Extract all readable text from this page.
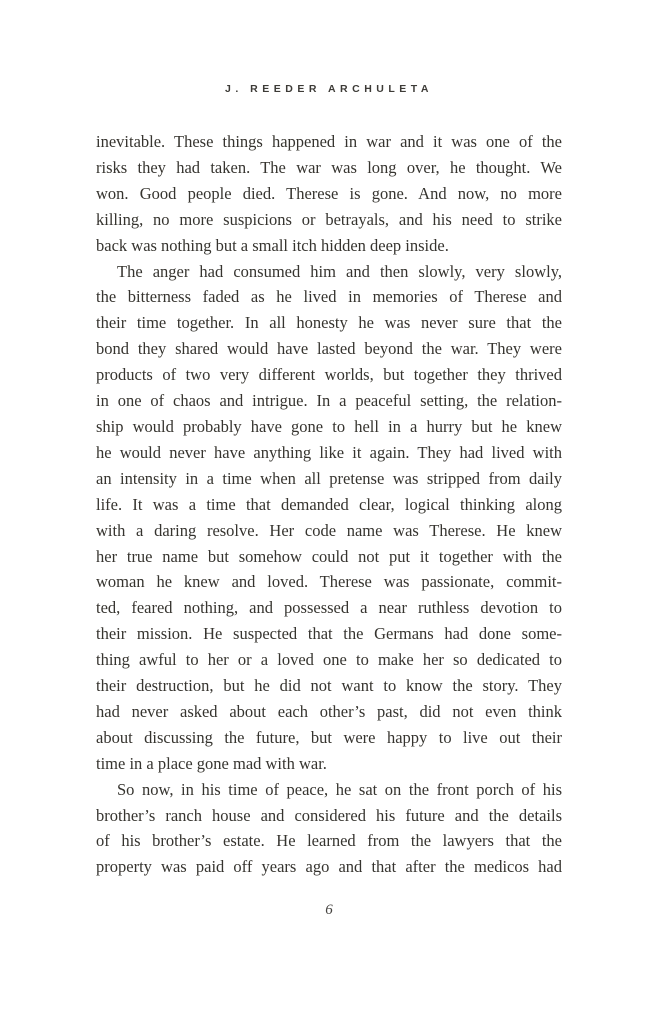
J. REEDER ARCHULETA
inevitable. These things happened in war and it was one of the
risks they had taken. The war was long over, he thought. We
won. Good people died. Therese is gone. And now, no more
killing, no more suspicions or betrayals, and his need to strike
back was nothing but a small itch hidden deep inside.
The anger had consumed him and then slowly, very slowly,
the bitterness faded as he lived in memories of Therese and
their time together. In all honesty he was never sure that the
bond they shared would have lasted beyond the war. They were
products of two very different worlds, but together they thrived
in one of chaos and intrigue. In a peaceful setting, the relation-
ship would probably have gone to hell in a hurry but he knew
he would never have anything like it again. They had lived with
an intensity in a time when all pretense was stripped from daily
life. It was a time that demanded clear, logical thinking along
with a daring resolve. Her code name was Therese. He knew
her true name but somehow could not put it together with the
woman he knew and loved. Therese was passionate, commit-
ted, feared nothing, and possessed a near ruthless devotion to
their mission. He suspected that the Germans had done some-
thing awful to her or a loved one to make her so dedicated to
their destruction, but he did not want to know the story. They
had never asked about each other’s past, did not even think
about discussing the future, but were happy to live out their
time in a place gone mad with war.
So now, in his time of peace, he sat on the front porch of his
brother’s ranch house and considered his future and the details
of his brother’s estate. He learned from the lawyers that the
property was paid off years ago and that after the medicos had
6
